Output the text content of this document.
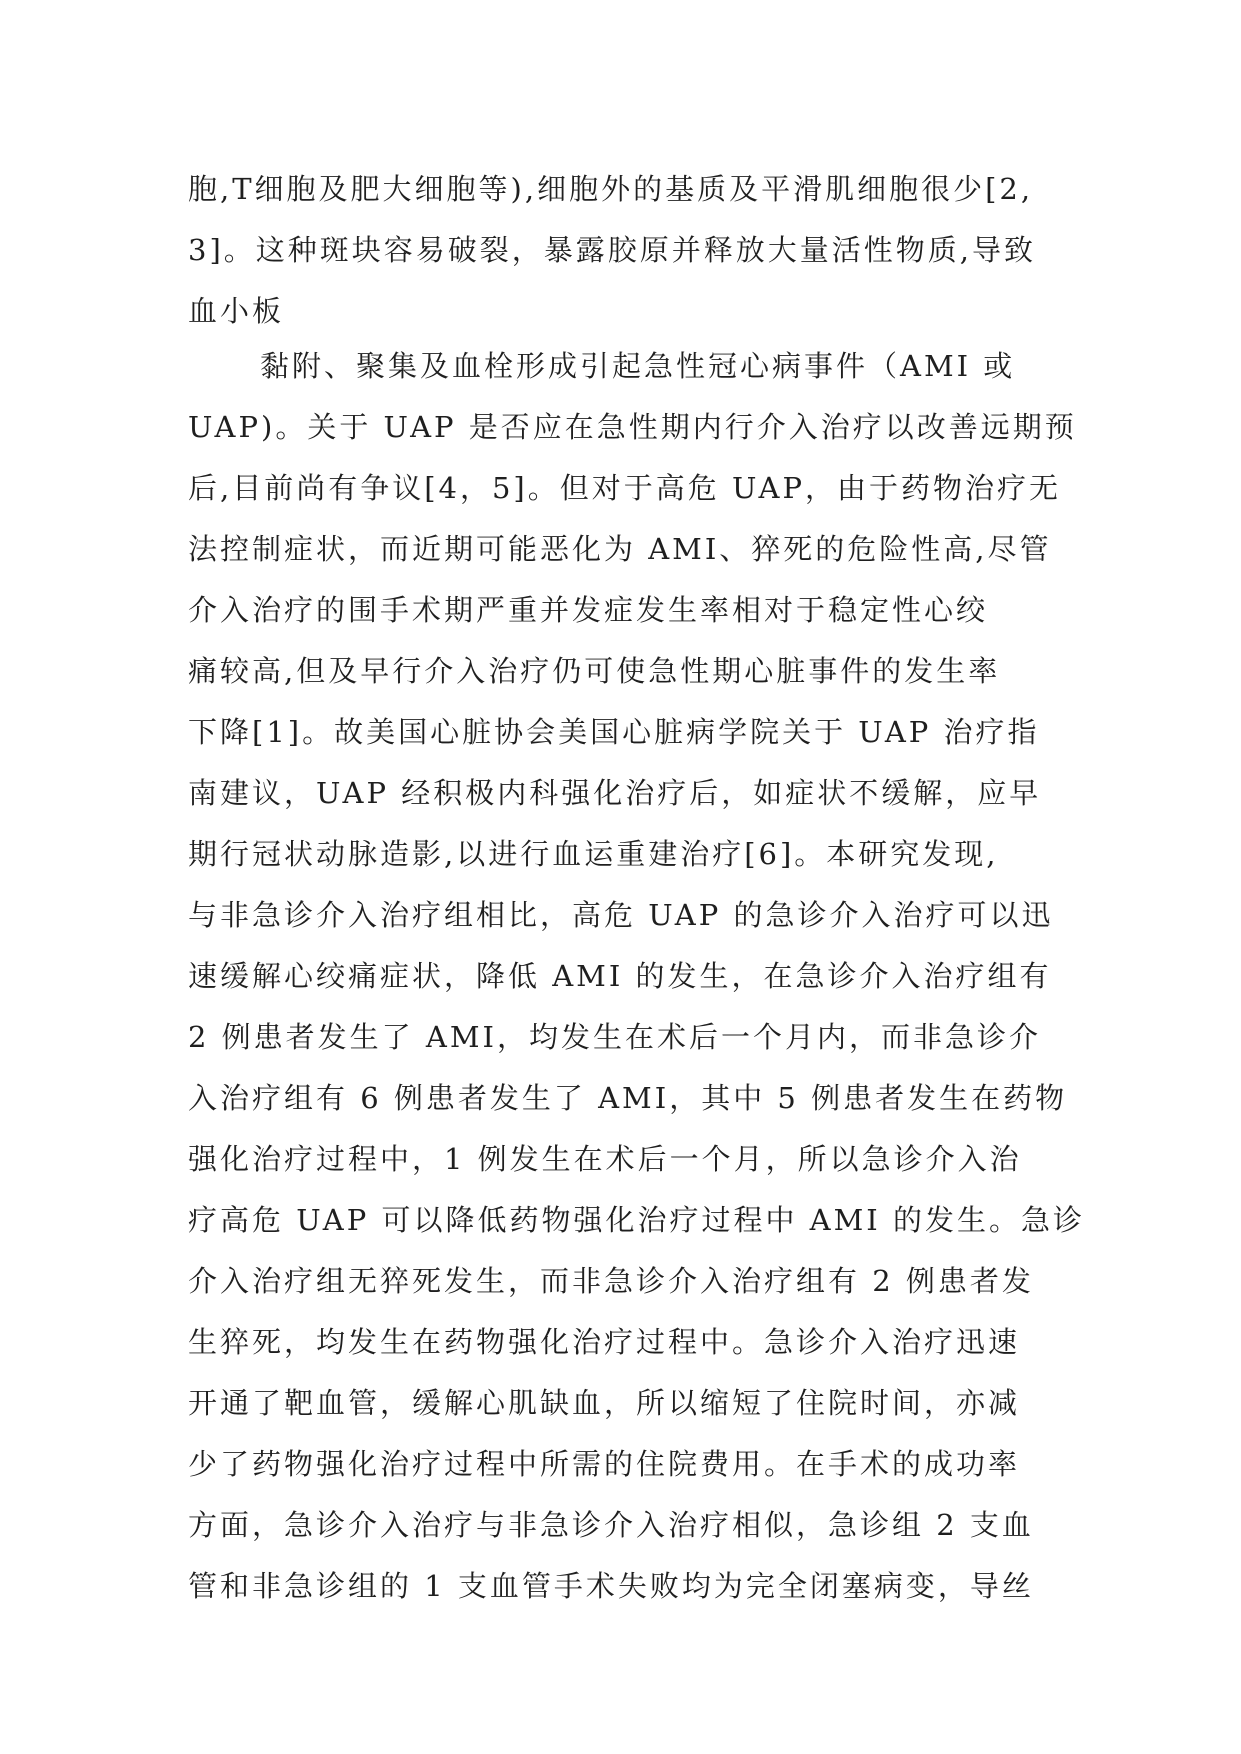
胞,T细胞及肥大细胞等),细胞外的基质及平滑肌细胞很少[2,
3]。这种斑块容易破裂，暴露胶原并释放大量活性物质,导致
血小板
黏附、聚集及血栓形成引起急性冠心病事件（AMI 或
UAP)。关于 UAP 是否应在急性期内行介入治疗以改善远期预
后,目前尚有争议[4，5]。但对于高危 UAP，由于药物治疗无
法控制症状，而近期可能恶化为 AMI、猝死的危险性高,尽管
介入治疗的围手术期严重并发症发生率相对于稳定性心绞
痛较高,但及早行介入治疗仍可使急性期心脏事件的发生率
下降[1]。故美国心脏协会美国心脏病学院关于 UAP 治疗指
南建议，UAP 经积极内科强化治疗后，如症状不缓解，应早
期行冠状动脉造影,以进行血运重建治疗[6]。本研究发现,
与非急诊介入治疗组相比，高危 UAP 的急诊介入治疗可以迅
速缓解心绞痛症状，降低 AMI 的发生，在急诊介入治疗组有
2 例患者发生了 AMI，均发生在术后一个月内，而非急诊介
入治疗组有 6 例患者发生了 AMI，其中 5 例患者发生在药物
强化治疗过程中，1 例发生在术后一个月，所以急诊介入治
疗高危 UAP 可以降低药物强化治疗过程中 AMI 的发生。急诊
介入治疗组无猝死发生，而非急诊介入治疗组有 2 例患者发
生猝死，均发生在药物强化治疗过程中。急诊介入治疗迅速
开通了靶血管，缓解心肌缺血，所以缩短了住院时间，亦减
少了药物强化治疗过程中所需的住院费用。在手术的成功率
方面，急诊介入治疗与非急诊介入治疗相似，急诊组 2 支血
管和非急诊组的 1 支血管手术失败均为完全闭塞病变，导丝
